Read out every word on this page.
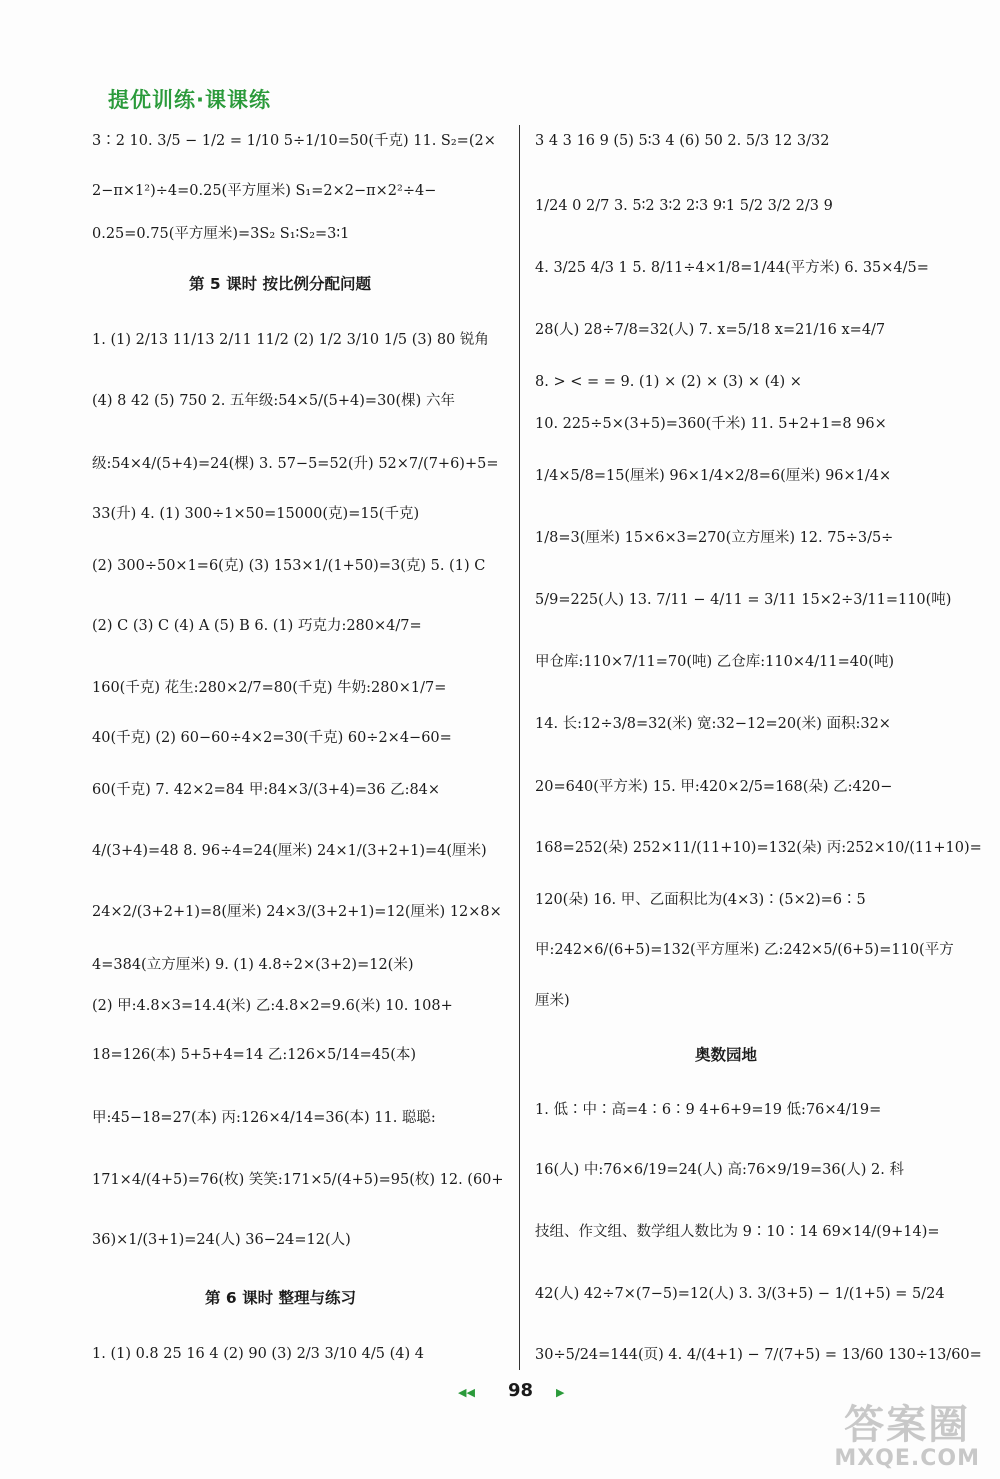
提优训练·课课练
3∶2 10. 3/5 − 1/2 = 1/10 5÷1/10=50(千克) 11. S₂=(2×
2−π×1²)÷4=0.25(平方厘米) S₁=2×2−π×2²÷4−
0.25=0.75(平方厘米)=3S₂ S₁∶S₂=3∶1
第 5 课时 按比例分配问题
1. (1) 2/13 11/13 2/11 11/2 (2) 1/2 3/10 1/5 (3) 80 锐角
(4) 8 42 (5) 750 2. 五年级:54×5/(5+4)=30(棵) 六年
级:54×4/(5+4)=24(棵) 3. 57−5=52(升) 52×7/(7+6)+5=
33(升) 4. (1) 300÷1×50=15000(克)=15(千克)
(2) 300÷50×1=6(克) (3) 153×1/(1+50)=3(克) 5. (1) C
(2) C (3) C (4) A (5) B 6. (1) 巧克力:280×4/7=
160(千克) 花生:280×2/7=80(千克) 牛奶:280×1/7=
40(千克) (2) 60−60÷4×2=30(千克) 60÷2×4−60=
60(千克) 7. 42×2=84 甲:84×3/(3+4)=36 乙:84×
4/(3+4)=48 8. 96÷4=24(厘米) 24×1/(3+2+1)=4(厘米)
24×2/(3+2+1)=8(厘米) 24×3/(3+2+1)=12(厘米) 12×8×
4=384(立方厘米) 9. (1) 4.8÷2×(3+2)=12(米)
(2) 甲:4.8×3=14.4(米) 乙:4.8×2=9.6(米) 10. 108+
18=126(本) 5+5+4=14 乙:126×5/14=45(本)
甲:45−18=27(本) 丙:126×4/14=36(本) 11. 聪聪:
171×4/(4+5)=76(枚) 笑笑:171×5/(4+5)=95(枚) 12. (60+
36)×1/(3+1)=24(人) 36−24=12(人)
第 6 课时 整理与练习
1. (1) 0.8 25 16 4 (2) 90 (3) 2/3 3/10 4/5 (4) 4
3 4 3 16 9 (5) 5∶3 4 (6) 50 2. 5/3 12 3/32
1/24 0 2/7 3. 5∶2 3∶2 2∶3 9∶1 5/2 3/2 2/3 9
4. 3/25 4/3 1 5. 8/11÷4×1/8=1/44(平方米) 6. 35×4/5=
28(人) 28÷7/8=32(人) 7. x=5/18 x=21/16 x=4/7
8. > < = = 9. (1) × (2) × (3) × (4) ×
10. 225÷5×(3+5)=360(千米) 11. 5+2+1=8 96×
1/4×5/8=15(厘米) 96×1/4×2/8=6(厘米) 96×1/4×
1/8=3(厘米) 15×6×3=270(立方厘米) 12. 75÷3/5÷
5/9=225(人) 13. 7/11 − 4/11 = 3/11 15×2÷3/11=110(吨)
甲仓库:110×7/11=70(吨) 乙仓库:110×4/11=40(吨)
14. 长:12÷3/8=32(米) 宽:32−12=20(米) 面积:32×
20=640(平方米) 15. 甲:420×2/5=168(朵) 乙:420−
168=252(朵) 252×11/(11+10)=132(朵) 丙:252×10/(11+10)=
120(朵) 16. 甲、乙面积比为(4×3)∶(5×2)=6∶5
甲:242×6/(6+5)=132(平方厘米) 乙:242×5/(6+5)=110(平方
厘米)
奥数园地
1. 低∶中∶高=4∶6∶9 4+6+9=19 低:76×4/19=
16(人) 中:76×6/19=24(人) 高:76×9/19=36(人) 2. 科
技组、作文组、数学组人数比为 9∶10∶14 69×14/(9+14)=
42(人) 42÷7×(7−5)=12(人) 3. 3/(3+5) − 1/(1+5) = 5/24
30÷5/24=144(页) 4. 4/(4+1) − 7/(7+5) = 13/60 130÷13/60=
◀◀ 98 ▶
答案圈
MXQE.COM
